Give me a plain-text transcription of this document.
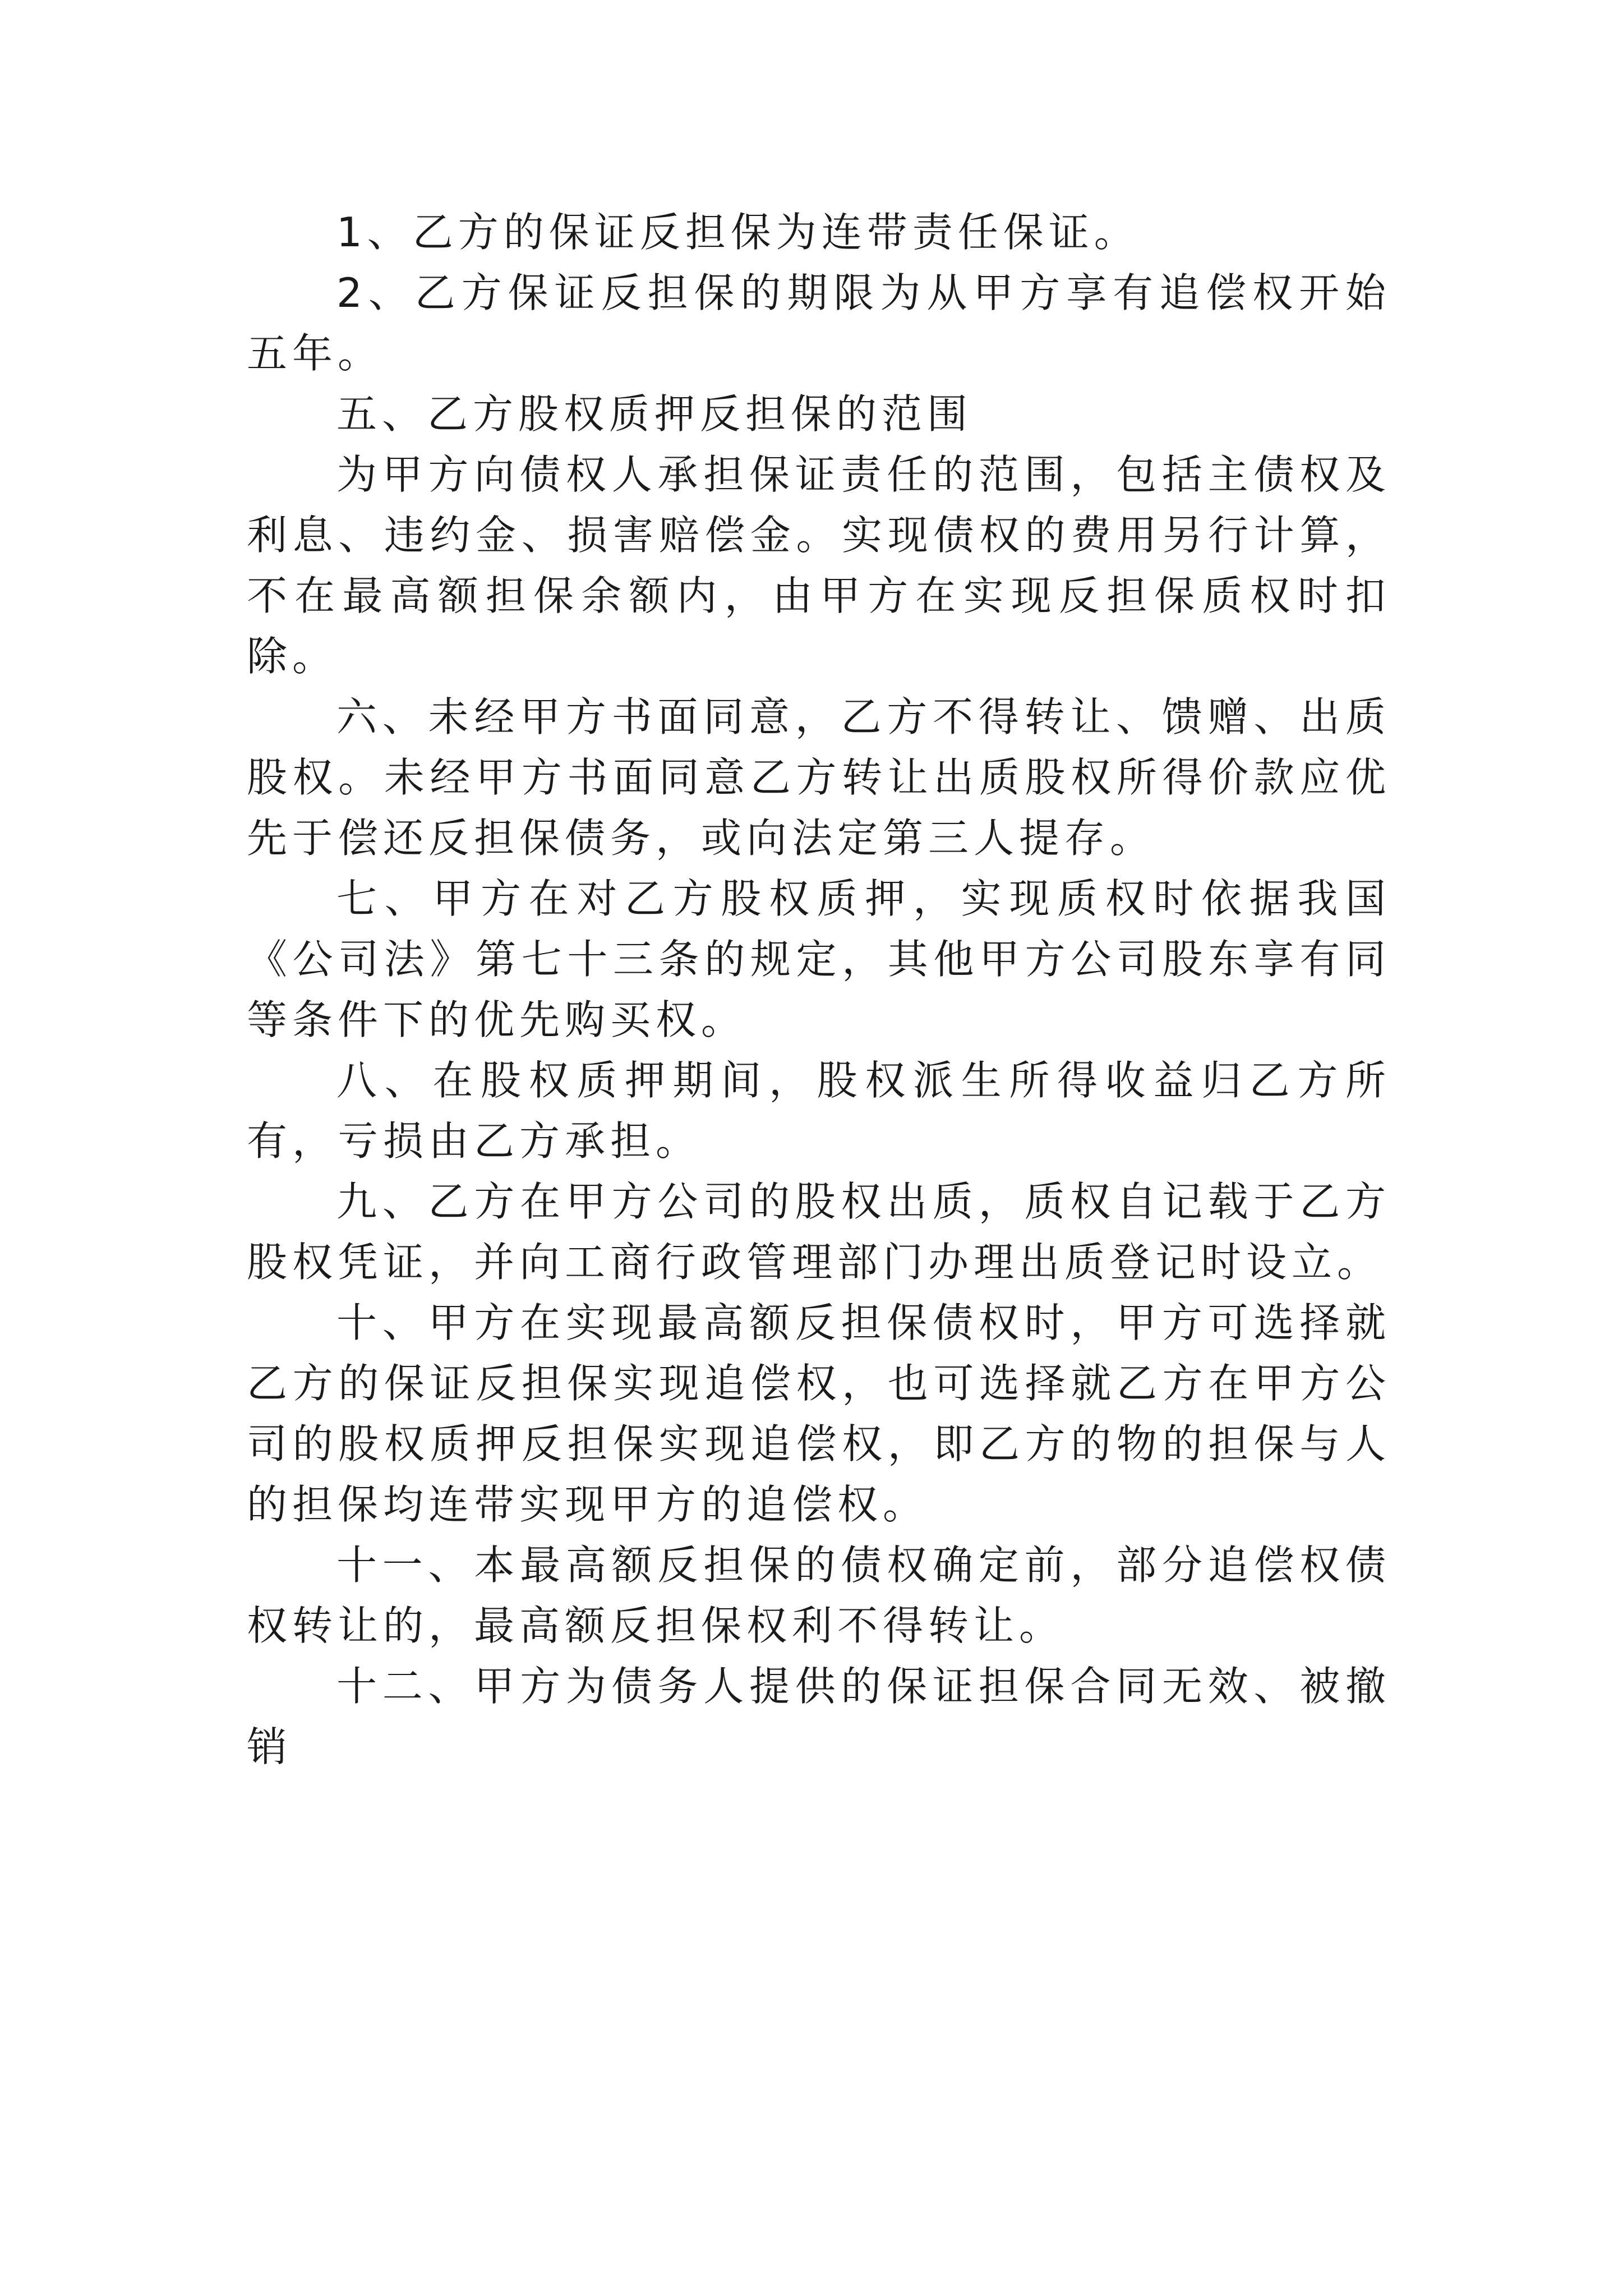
1、乙方的保证反担保为连带责任保证。

2、乙方保证反担保的期限为从甲方享有追偿权开始五年。

五、乙方股权质押反担保的范围

为甲方向债权人承担保证责任的范围，包括主债权及利息、违约金、损害赔偿金。实现债权的费用另行计算，不在最高额担保余额内，由甲方在实现反担保质权时扣除。

六、未经甲方书面同意，乙方不得转让、馈赠、出质股权。未经甲方书面同意乙方转让出质股权所得价款应优先于偿还反担保债务，或向法定第三人提存。

七、甲方在对乙方股权质押，实现质权时依据我国《公司法》第七十三条的规定，其他甲方公司股东享有同等条件下的优先购买权。

八、在股权质押期间，股权派生所得收益归乙方所有，亏损由乙方承担。

九、乙方在甲方公司的股权出质，质权自记载于乙方股权凭证，并向工商行政管理部门办理出质登记时设立。

十、甲方在实现最高额反担保债权时，甲方可选择就乙方的保证反担保实现追偿权，也可选择就乙方在甲方公司的股权质押反担保实现追偿权，即乙方的物的担保与人的担保均连带实现甲方的追偿权。

十一、本最高额反担保的债权确定前，部分追偿权债权转让的，最高额反担保权利不得转让。

十二、甲方为债务人提供的保证担保合同无效、被撤销
